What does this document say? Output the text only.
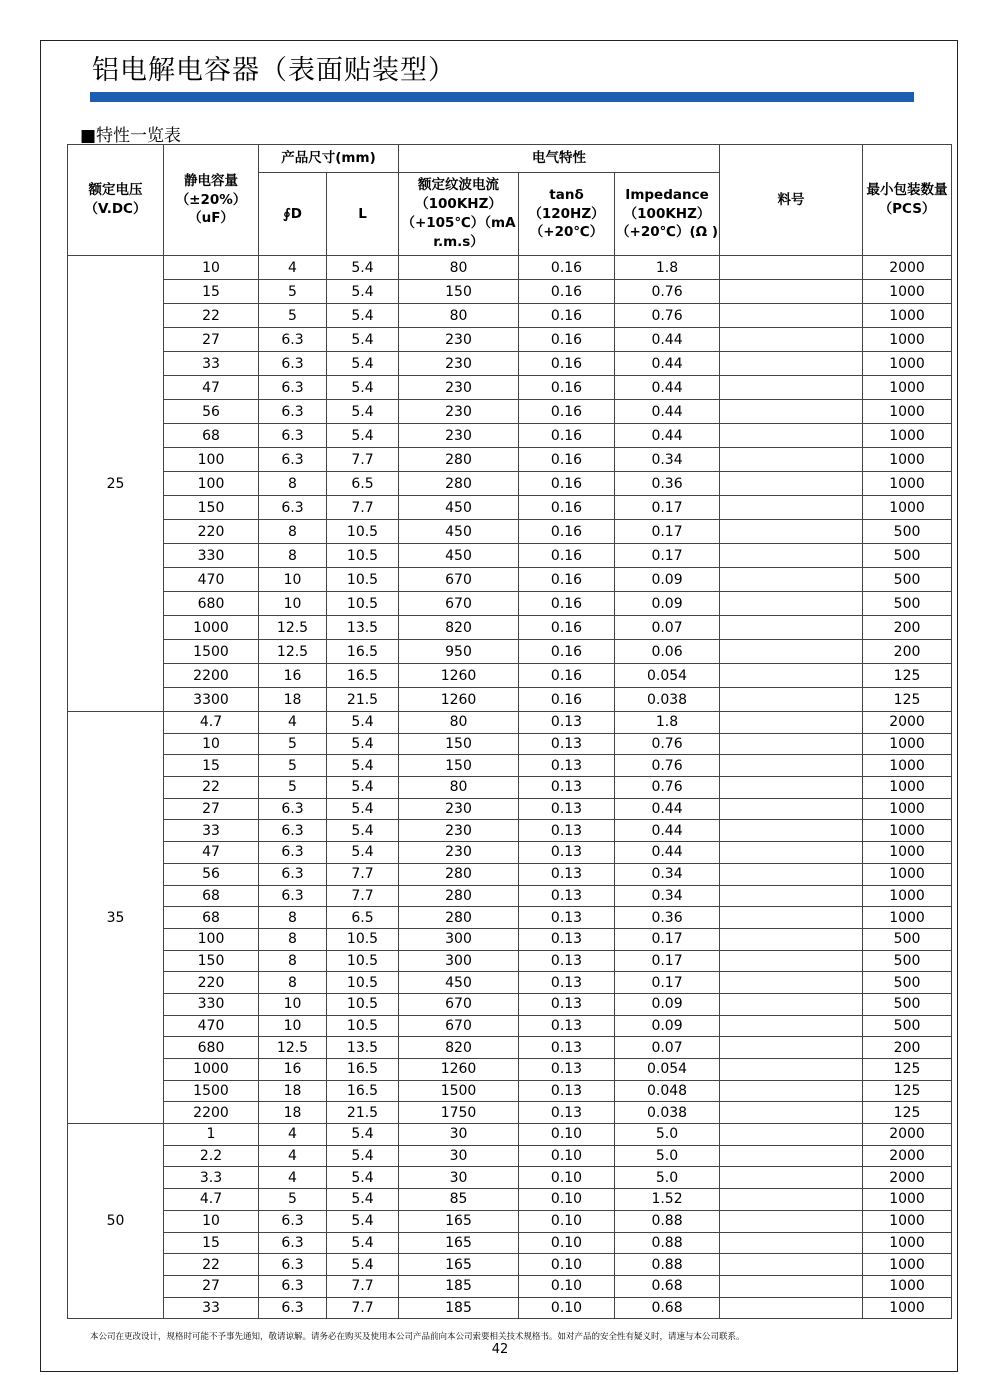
铝电解电容器（表面贴装型）
■特性一览表
额定电压（V.DC）	静电容量（±20%）（uF）	产品尺寸(mm)		电气特性			料号	最小包装数量（PCS）
		∮D	L	额定纹波电流（100KHZ）（+105℃）（mA r.m.s）	tanδ（120HZ）（+20℃）	Impedance（100KHZ）（+20℃）(Ω )		
25	10	4	5.4	80	0.16	1.8		2000
	15	5	5.4	150	0.16	0.76		1000
	22	5	5.4	80	0.16	0.76		1000
	27	6.3	5.4	230	0.16	0.44		1000
	33	6.3	5.4	230	0.16	0.44		1000
	47	6.3	5.4	230	0.16	0.44		1000
	56	6.3	5.4	230	0.16	0.44		1000
	68	6.3	5.4	230	0.16	0.44		1000
	100	6.3	7.7	280	0.16	0.34		1000
	100	8	6.5	280	0.16	0.36		1000
	150	6.3	7.7	450	0.16	0.17		1000
	220	8	10.5	450	0.16	0.17		500
	330	8	10.5	450	0.16	0.17		500
	470	10	10.5	670	0.16	0.09		500
	680	10	10.5	670	0.16	0.09		500
	1000	12.5	13.5	820	0.16	0.07		200
	1500	12.5	16.5	950	0.16	0.06		200
	2200	16	16.5	1260	0.16	0.054		125
	3300	18	21.5	1260	0.16	0.038		125
35	4.7	4	5.4	80	0.13	1.8		2000
	10	5	5.4	150	0.13	0.76		1000
	15	5	5.4	150	0.13	0.76		1000
	22	5	5.4	80	0.13	0.76		1000
	27	6.3	5.4	230	0.13	0.44		1000
	33	6.3	5.4	230	0.13	0.44		1000
	47	6.3	5.4	230	0.13	0.44		1000
	56	6.3	7.7	280	0.13	0.34		1000
	68	6.3	7.7	280	0.13	0.34		1000
	68	8	6.5	280	0.13	0.36		1000
	100	8	10.5	300	0.13	0.17		500
	150	8	10.5	300	0.13	0.17		500
	220	8	10.5	450	0.13	0.17		500
	330	10	10.5	670	0.13	0.09		500
	470	10	10.5	670	0.13	0.09		500
	680	12.5	13.5	820	0.13	0.07		200
	1000	16	16.5	1260	0.13	0.054		125
	1500	18	16.5	1500	0.13	0.048		125
	2200	18	21.5	1750	0.13	0.038		125
50	1	4	5.4	30	0.10	5.0		2000
	2.2	4	5.4	30	0.10	5.0		2000
	3.3	4	5.4	30	0.10	5.0		2000
	4.7	5	5.4	85	0.10	1.52		1000
	10	6.3	5.4	165	0.10	0.88		1000
	15	6.3	5.4	165	0.10	0.88		1000
	22	6.3	5.4	165	0.10	0.88		1000
	27	6.3	7.7	185	0.10	0.68		1000
	33	6.3	7.7	185	0.10	0.68		1000
本公司在更改设计，规格时可能不予事先通知，敬请谅解。请务必在购买及使用本公司产品前向本公司索要相关技术规格书。如对产品的安全性有疑义时，请速与本公司联系。
42
